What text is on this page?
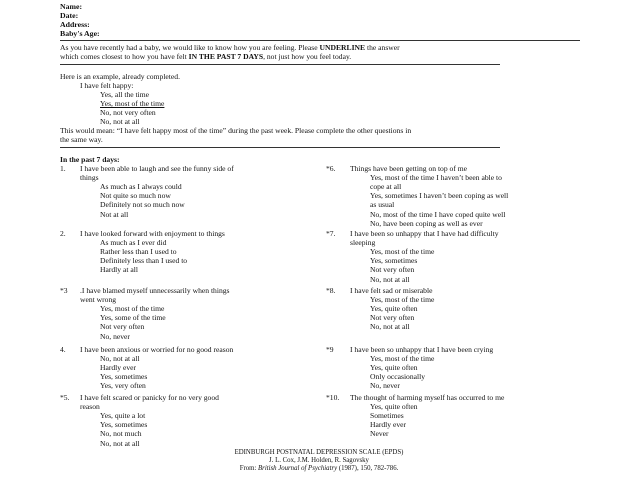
Name:
Date:
Address:
Baby's Age:
As you have recently had a baby, we would like to know how you are feeling. Please UNDERLINE the answer
which comes closest to how you have felt IN THE PAST 7 DAYS, not just how you feel today.
Here is an example, already completed.
I have felt happy:
Yes, all the time
Yes, most of the time
No, not very often
No, not at all
This would mean: “I have felt happy most of the time” during the past week. Please complete the other questions in
the same way.
In the past 7 days:
1. I have been able to laugh and see the funny side of
things
As much as I always could
Not quite so much now
Definitely not so much now
Not at all
2. I have looked forward with enjoyment to things
As much as I ever did
Rather less than I used to
Definitely less than I used to
Hardly at all
*3 .I have blamed myself unnecessarily when things
went wrong
Yes, most of the time
Yes, some of the time
Not very often
No, never
4. I have been anxious or worried for no good reason
No, not at all
Hardly ever
Yes, sometimes
Yes, very often
*5. I have felt scared or panicky for no very good
reason
Yes, quite a lot
Yes, sometimes
No, not much
No, not at all
*6. Things have been getting on top of me
Yes, most of the time I haven’t been able to
cope at all
Yes, sometimes I haven’t been coping as well
as usual
No, most of the time I have coped quite well
No, have been coping as well as ever
*7. I have been so unhappy that I have had difficulty
sleeping
Yes, most of the time
Yes, sometimes
Not very often
No, not at all
*8. I have felt sad or miserable
Yes, most of the time
Yes, quite often
Not very often
No, not at all
*9 I have been so unhappy that I have been crying
Yes, most of the time
Yes, quite often
Only occasionally
No, never
*10. The thought of harming myself has occurred to me
Yes, quite often
Sometimes
Hardly ever
Never
EDINBURGH POSTNATAL DEPRESSION SCALE (EPDS)
J. L. Cox, J.M. Holden, R. Sagovsky
From: British Journal of Psychiatry (1987), 150, 782-786.
